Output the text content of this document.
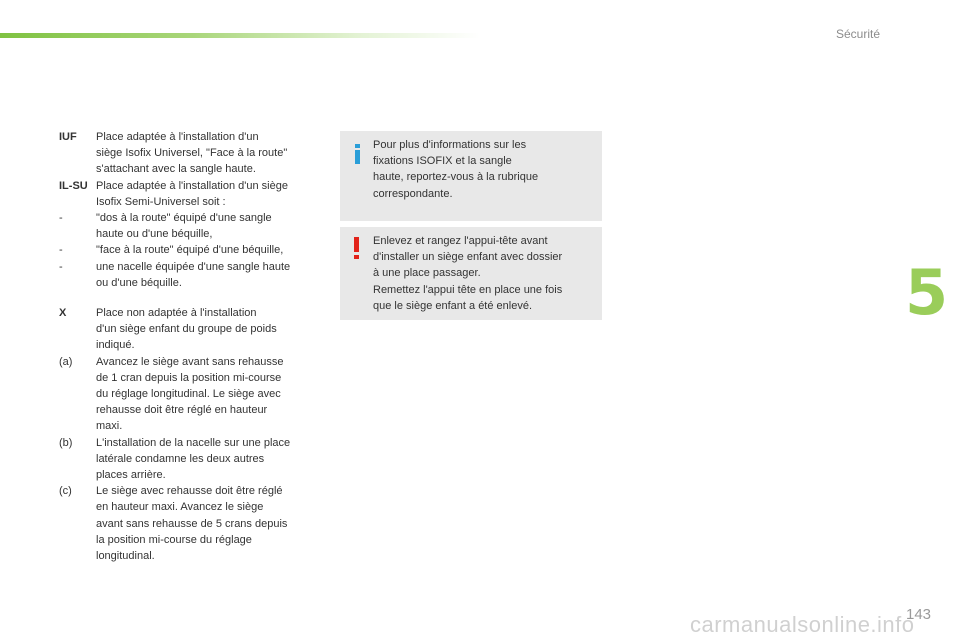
Sécurité
5
143
carmanualsonline.info
IUF	Place adaptée à l'installation d'un
siège Isofix Universel, "Face à la route"
s'attachant avec la sangle haute.
IL-SU Place adaptée à l'installation d'un siège
Isofix Semi-Universel soit :
-	"dos à la route" équipé d'une sangle
haute ou d'une béquille,
-	"face à la route" équipé d'une béquille,
-	une nacelle équipée d'une sangle haute
ou d'une béquille.
X	Place non adaptée à l'installation
d'un siège enfant du groupe de poids
indiqué.
(a)	Avancez le siège avant sans rehausse
de 1 cran depuis la position mi-course
du réglage longitudinal. Le siège avec
rehausse doit être réglé en hauteur
maxi.
(b)	L'installation de la nacelle sur une place
latérale condamne les deux autres
places arrière.
(c)	Le siège avec rehausse doit être réglé
en hauteur maxi. Avancez le siège
avant sans rehausse de 5 crans depuis
la position mi-course du réglage
longitudinal.
Pour plus d'informations sur les
fixations ISOFIX et la sangle
haute, reportez-vous à la rubrique
correspondante.
Enlevez et rangez l'appui-tête avant
d'installer un siège enfant avec dossier
à une place passager.
Remettez l'appui tête en place une fois
que le siège enfant a été enlevé.
